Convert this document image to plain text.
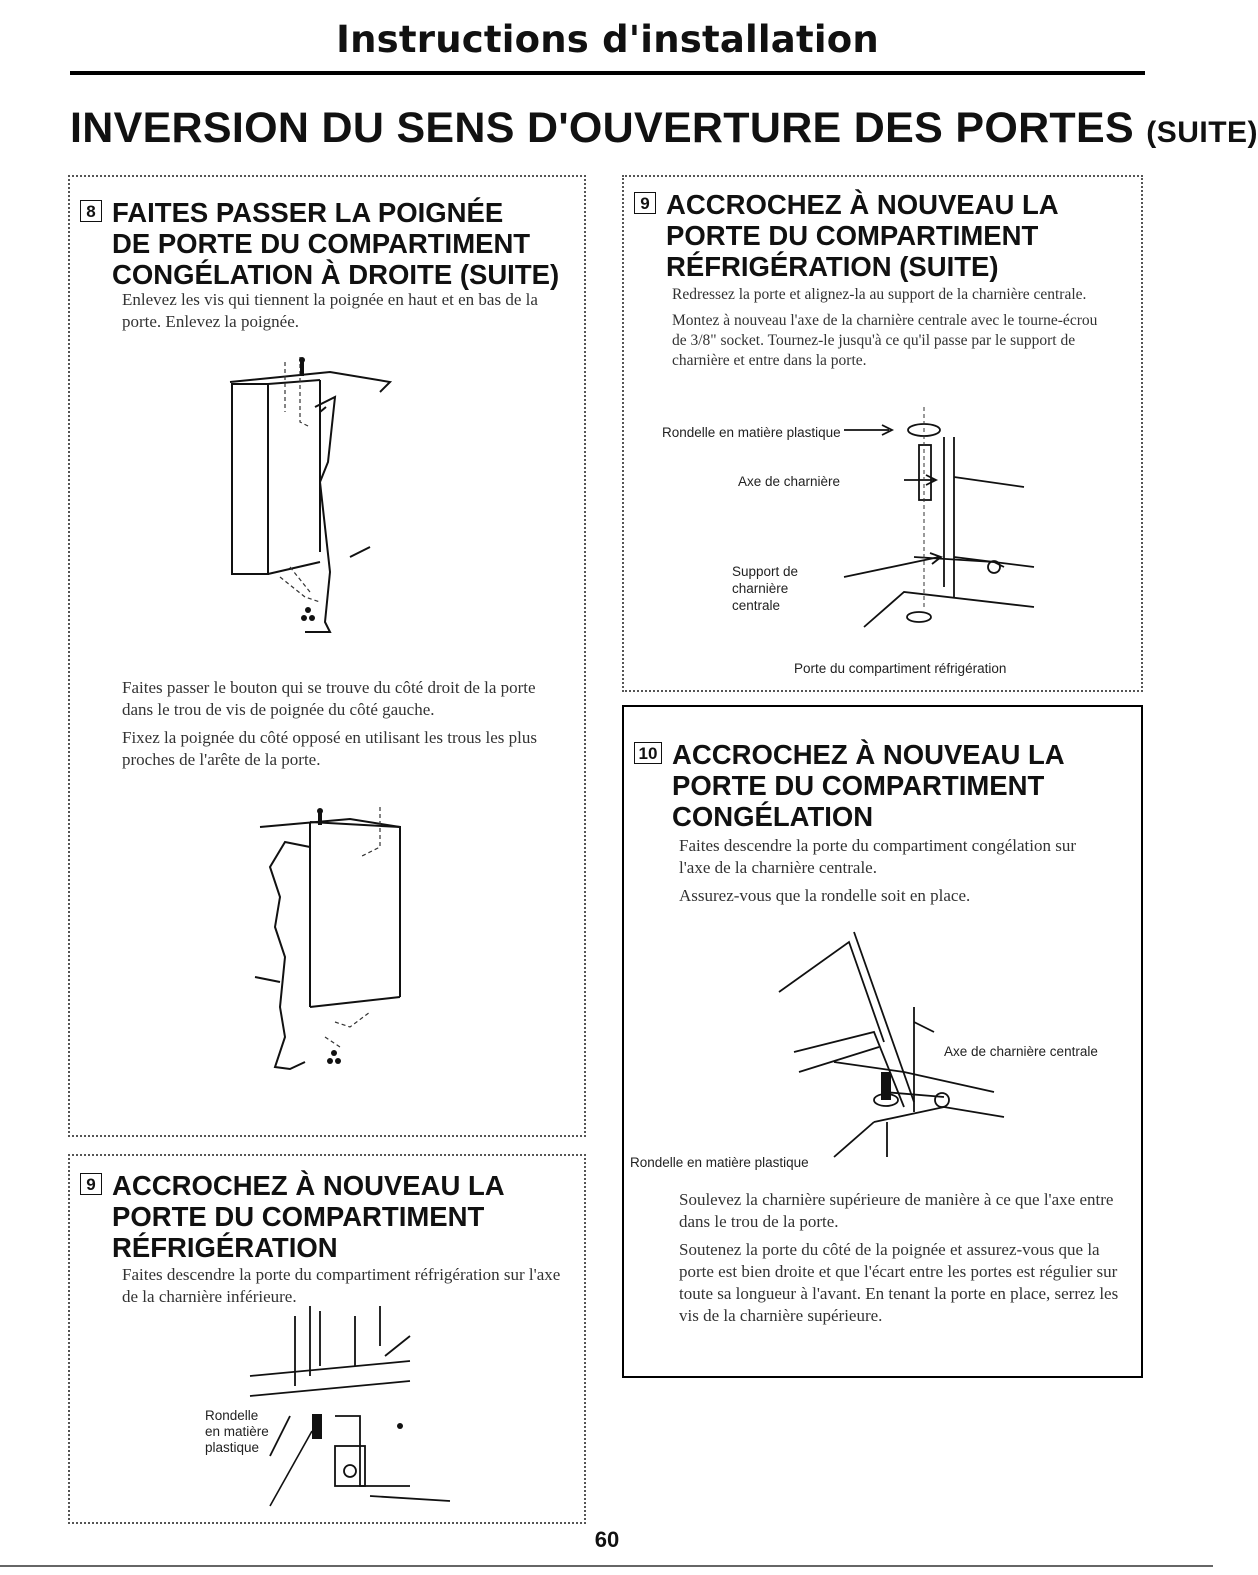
Instructions d'installation
INVERSION DU SENS D'OUVERTURE DES PORTES (SUITE)
8 FAITES PASSER LA POIGNÉE
DE PORTE DU COMPARTIMENT
CONGÉLATION À DROITE (SUITE)

Enlevez les vis qui tiennent la poignée en haut et en bas de la porte. Enlevez la poignée.

Faites passer le bouton qui se trouve du côté droit de la porte dans le trou de vis de poignée du côté gauche.

Fixez la poignée du côté opposé en utilisant les trous les plus proches de l'arête de la porte.

9 ACCROCHEZ À NOUVEAU LA
PORTE DU COMPARTIMENT
RÉFRIGÉRATION (SUITE)

Redressez la porte et alignez-la au support de la charnière centrale.

Montez à nouveau l'axe de la charnière centrale avec le tourne-écrou de 3/8" socket. Tournez-le jusqu'à ce qu'il passe par le support de charnière et entre dans la porte.

Rondelle en matière plastique
Axe de charnière
Support de
charnière
centrale
Porte du compartiment réfrigération
9 ACCROCHEZ À NOUVEAU LA
PORTE DU COMPARTIMENT
RÉFRIGÉRATION

Faites descendre la porte du compartiment réfrigération sur l'axe de la charnière inférieure.

Rondelle
en matière
plastique
10 ACCROCHEZ À NOUVEAU LA
PORTE DU COMPARTIMENT
CONGÉLATION

Faites descendre la porte du compartiment congélation sur l'axe de la charnière centrale.

Assurez-vous que la rondelle soit en place.

Axe de charnière centrale
Rondelle en matière plastique

Soulevez la charnière supérieure de manière à ce que l'axe entre dans le trou de la porte.

Soutenez la porte du côté de la poignée et assurez-vous que la porte est bien droite et que l'écart entre les portes est régulier sur toute sa longueur à l'avant. En tenant la porte en place, serrez les vis de la charnière supérieure.

60
